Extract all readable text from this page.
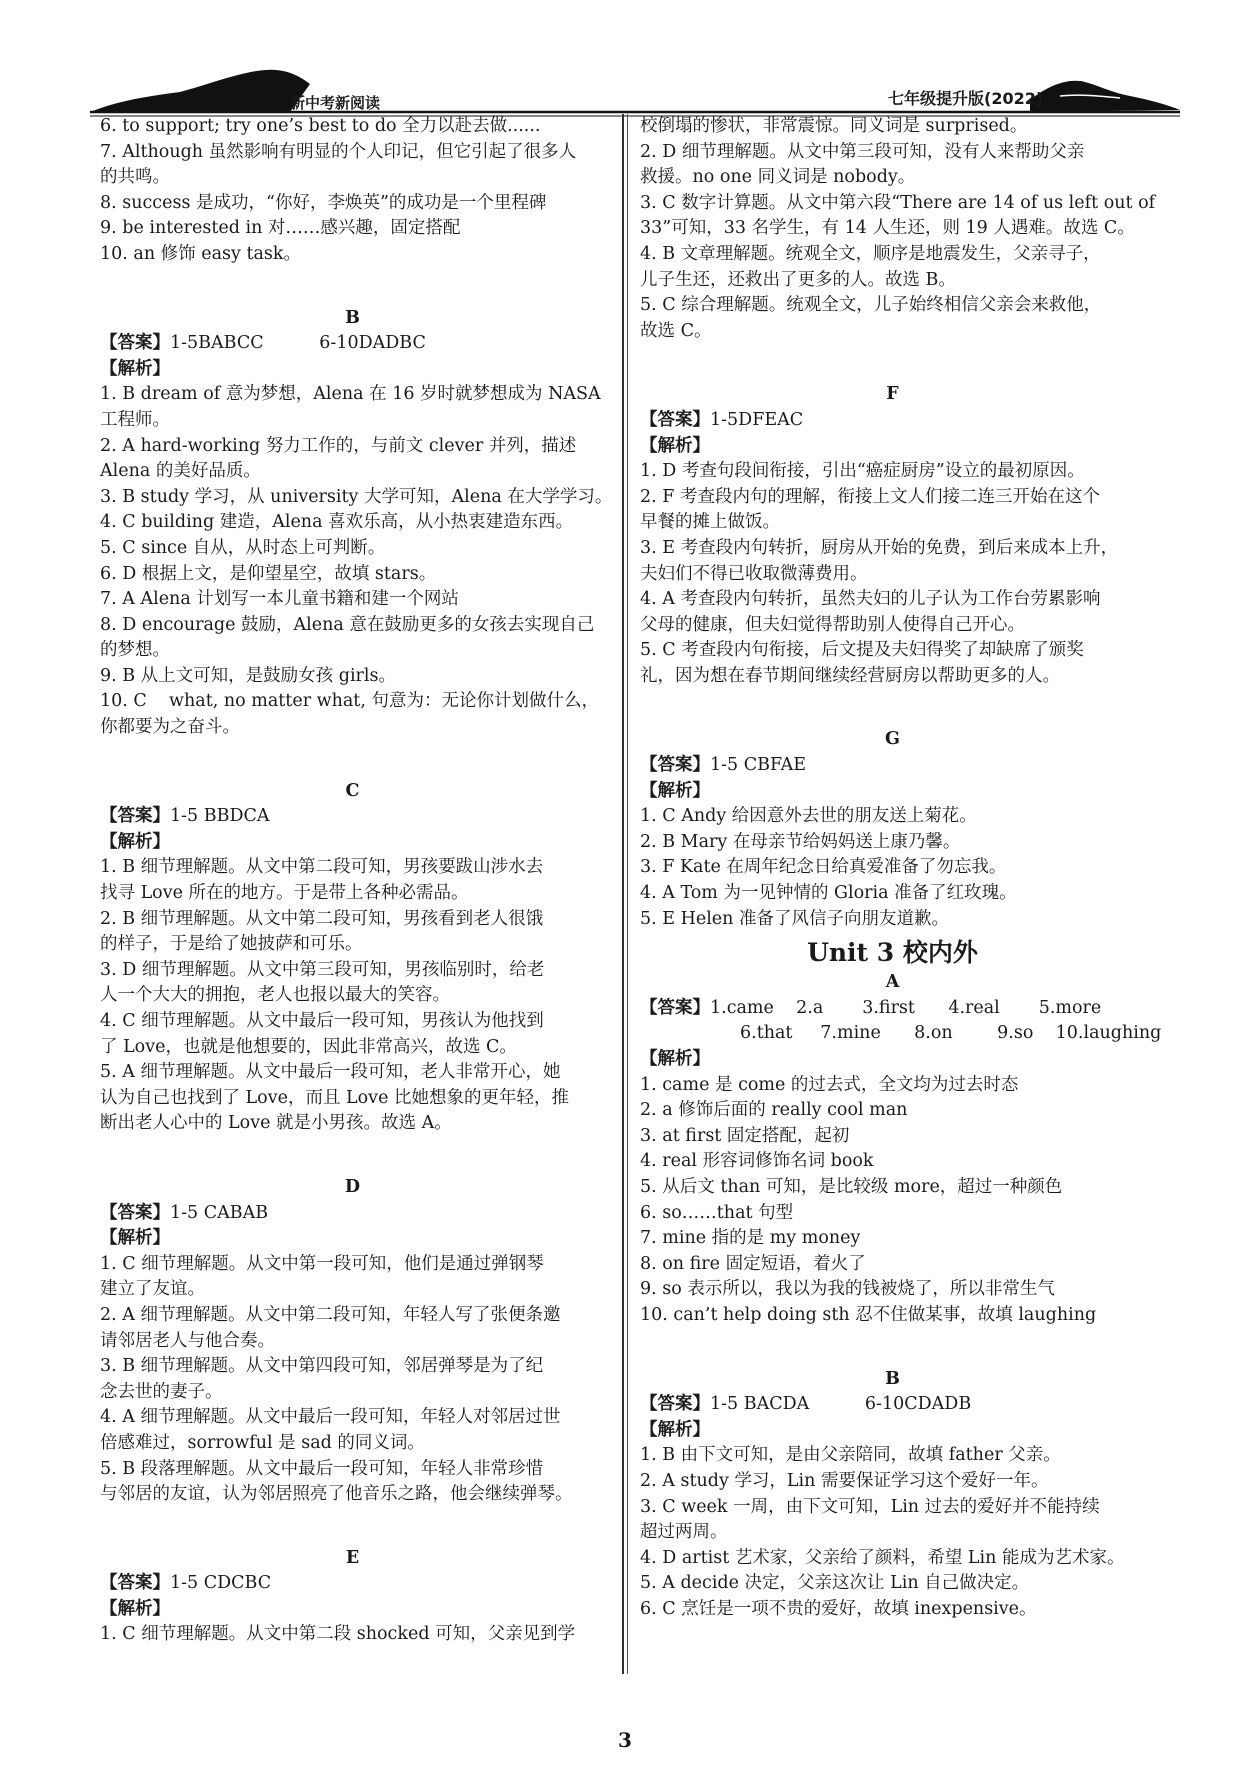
新中考新阅读	七年级提升版(2022)
6. to support; try one’s best to do 全力以赴去做......
7. Although 虽然影响有明显的个人印记，但它引起了很多人
的共鸣。
8. success 是成功，“你好，李焕英”的成功是一个里程碑
9. be interested in 对……感兴趣，固定搭配
10. an 修饰 easy task。
B
【答案】1-5BABCC          6-10DADBC
【解析】
1. B dream of 意为梦想，Alena 在 16 岁时就梦想成为 NASA
工程师。
2. A hard-working 努力工作的，与前文 clever 并列，描述
Alena 的美好品质。
3. B study 学习，从 university 大学可知，Alena 在大学学习。
4. C building 建造，Alena 喜欢乐高，从小热衷建造东西。
5. C since 自从，从时态上可判断。
6. D 根据上文，是仰望星空，故填 stars。
7. A Alena 计划写一本儿童书籍和建一个网站
8. D encourage 鼓励，Alena 意在鼓励更多的女孩去实现自己
的梦想。
9. B 从上文可知，是鼓励女孩 girls。
10. C    what, no matter what, 句意为：无论你计划做什么，
你都要为之奋斗。
C
【答案】1-5 BBDCA
【解析】
1. B 细节理解题。从文中第二段可知，男孩要跋山涉水去
找寻 Love 所在的地方。于是带上各种必需品。
2. B 细节理解题。从文中第二段可知，男孩看到老人很饿
的样子，于是给了她披萨和可乐。
3. D 细节理解题。从文中第三段可知，男孩临别时，给老
人一个大大的拥抱，老人也报以最大的笑容。
4. C 细节理解题。从文中最后一段可知，男孩认为他找到
了 Love，也就是他想要的，因此非常高兴，故选 C。
5. A 细节理解题。从文中最后一段可知，老人非常开心，她
认为自己也找到了 Love，而且 Love 比她想象的更年轻，推
断出老人心中的 Love 就是小男孩。故选 A。
D
【答案】1-5 CABAB
【解析】
1. C 细节理解题。从文中第一段可知，他们是通过弹钢琴
建立了友谊。
2. A 细节理解题。从文中第二段可知，年轻人写了张便条邀
请邻居老人与他合奏。
3. B 细节理解题。从文中第四段可知，邻居弹琴是为了纪
念去世的妻子。
4. A 细节理解题。从文中最后一段可知，年轻人对邻居过世
倍感难过，sorrowful 是 sad 的同义词。
5. B 段落理解题。从文中最后一段可知，年轻人非常珍惜
与邻居的友谊，认为邻居照亮了他音乐之路，他会继续弹琴。
E
【答案】1-5 CDCBC
【解析】
1. C 细节理解题。从文中第二段 shocked 可知，父亲见到学
校倒塌的惨状，非常震惊。同义词是 surprised。
2. D 细节理解题。从文中第三段可知，没有人来帮助父亲
救援。no one 同义词是 nobody。
3. C 数字计算题。从文中第六段“There are 14 of us left out of
33”可知，33 名学生，有 14 人生还，则 19 人遇难。故选 C。
4. B 文章理解题。统观全文，顺序是地震发生，父亲寻子，
儿子生还，还救出了更多的人。故选 B。
5. C 综合理解题。统观全文，儿子始终相信父亲会来救他，
故选 C。
F
【答案】1-5DFEAC
【解析】
1. D 考查句段间衔接，引出“癌症厨房”设立的最初原因。
2. F 考查段内句的理解，衔接上文人们接二连三开始在这个
早餐的摊上做饭。
3. E 考查段内句转折，厨房从开始的免费，到后来成本上升，
夫妇们不得已收取微薄费用。
4. A 考查段内句转折，虽然夫妇的儿子认为工作台劳累影响
父母的健康，但夫妇觉得帮助别人使得自己开心。
5. C 考查段内句衔接，后文提及夫妇得奖了却缺席了颁奖
礼，因为想在春节期间继续经营厨房以帮助更多的人。
G
【答案】1-5 CBFAE
【解析】
1. C Andy 给因意外去世的朋友送上菊花。
2. B Mary 在母亲节给妈妈送上康乃馨。
3. F Kate 在周年纪念日给真爱准备了勿忘我。
4. A Tom 为一见钟情的 Gloria 准备了红玫瑰。
5. E Helen 准备了风信子向朋友道歉。
Unit 3 校内外
A
【答案】1.came    2.a       3.first      4.real       5.more
6.that     7.mine      8.on        9.so    10.laughing
【解析】
1. came 是 come 的过去式，全文均为过去时态
2. a 修饰后面的 really cool man
3. at first 固定搭配，起初
4. real 形容词修饰名词 book
5. 从后文 than 可知，是比较级 more，超过一种颜色
6. so……that 句型
7. mine 指的是 my money
8. on fire 固定短语，着火了
9. so 表示所以，我以为我的钱被烧了，所以非常生气
10. can’t help doing sth 忍不住做某事，故填 laughing
B
【答案】1-5 BACDA          6-10CDADB
【解析】
1. B 由下文可知，是由父亲陪同，故填 father 父亲。
2. A study 学习，Lin 需要保证学习这个爱好一年。
3. C week 一周，由下文可知，Lin 过去的爱好并不能持续
超过两周。
4. D artist 艺术家，父亲给了颜料，希望 Lin 能成为艺术家。
5. A decide 决定，父亲这次让 Lin 自己做决定。
6. C 烹饪是一项不贵的爱好，故填 inexpensive。
3
